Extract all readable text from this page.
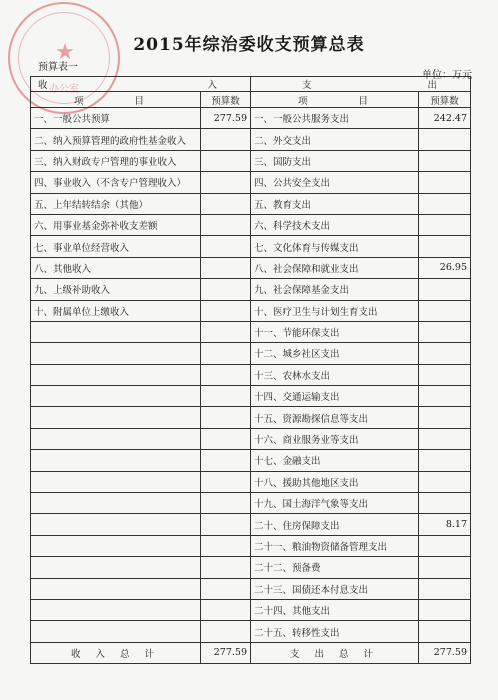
★
办公室
2015年综治委收支预算总表
预算表一
单位：万元
收 入		支 出	

项 目	预算数	项 目	预算数
一、一般公共预算	277.59	一、一般公共服务支出	242.47
二、纳入预算管理的政府性基金收入		二、外交支出	
三、纳入财政专户管理的事业收入		三、国防支出	
四、事业收入（不含专户管理收入）		四、公共安全支出	
五、上年结转结余（其他）		五、教育支出	
六、用事业基金弥补收支差额		六、科学技术支出	
七、事业单位经营收入		七、文化体育与传媒支出	
八、其他收入		八、社会保障和就业支出	26.95
九、上级补助收入		九、社会保障基金支出	
十、附属单位上缴收入		十、医疗卫生与计划生育支出	
		十一、节能环保支出	
		十二、城乡社区支出	
		十三、农林水支出	
		十四、交通运输支出	
		十五、资源勘探信息等支出	
		十六、商业服务业等支出	
		十七、金融支出	
		十八、援助其他地区支出	
		十九、国土海洋气象等支出	
		二十、住房保障支出	8.17
		二十一、粮油物资储备管理支出	
		二十二、预备费	
		二十三、国债还本付息支出	
		二十四、其他支出	
		二十五、转移性支出	
收 入 总 计	277.59	支 出 总 计	277.59
